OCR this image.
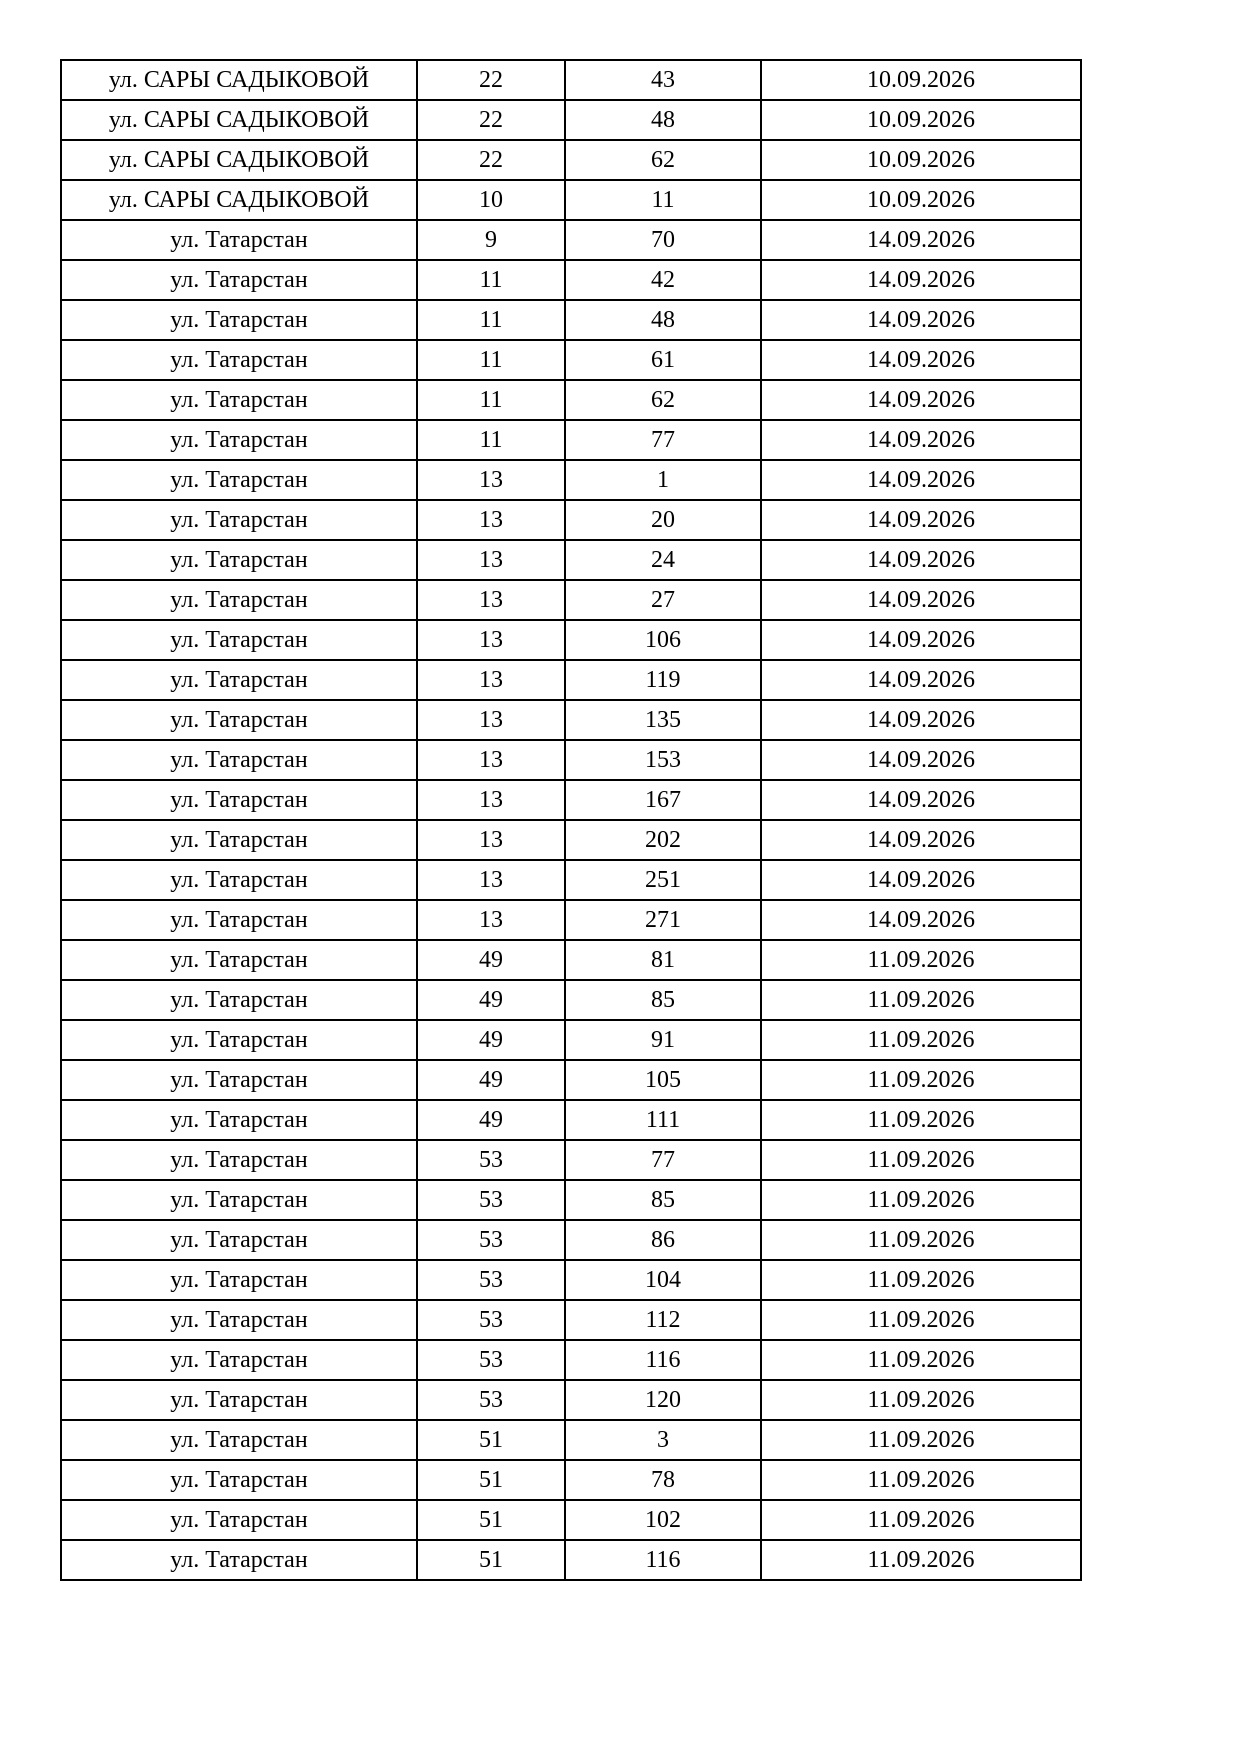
ул. САРЫ САДЫКОВОЙ	22	43	10.09.2026
ул. САРЫ САДЫКОВОЙ	22	48	10.09.2026
ул. САРЫ САДЫКОВОЙ	22	62	10.09.2026
ул. САРЫ САДЫКОВОЙ	10	11	10.09.2026
ул. Татарстан	9	70	14.09.2026
ул. Татарстан	11	42	14.09.2026
ул. Татарстан	11	48	14.09.2026
ул. Татарстан	11	61	14.09.2026
ул. Татарстан	11	62	14.09.2026
ул. Татарстан	11	77	14.09.2026
ул. Татарстан	13	1	14.09.2026
ул. Татарстан	13	20	14.09.2026
ул. Татарстан	13	24	14.09.2026
ул. Татарстан	13	27	14.09.2026
ул. Татарстан	13	106	14.09.2026
ул. Татарстан	13	119	14.09.2026
ул. Татарстан	13	135	14.09.2026
ул. Татарстан	13	153	14.09.2026
ул. Татарстан	13	167	14.09.2026
ул. Татарстан	13	202	14.09.2026
ул. Татарстан	13	251	14.09.2026
ул. Татарстан	13	271	14.09.2026
ул. Татарстан	49	81	11.09.2026
ул. Татарстан	49	85	11.09.2026
ул. Татарстан	49	91	11.09.2026
ул. Татарстан	49	105	11.09.2026
ул. Татарстан	49	111	11.09.2026
ул. Татарстан	53	77	11.09.2026
ул. Татарстан	53	85	11.09.2026
ул. Татарстан	53	86	11.09.2026
ул. Татарстан	53	104	11.09.2026
ул. Татарстан	53	112	11.09.2026
ул. Татарстан	53	116	11.09.2026
ул. Татарстан	53	120	11.09.2026
ул. Татарстан	51	3	11.09.2026
ул. Татарстан	51	78	11.09.2026
ул. Татарстан	51	102	11.09.2026
ул. Татарстан	51	116	11.09.2026
